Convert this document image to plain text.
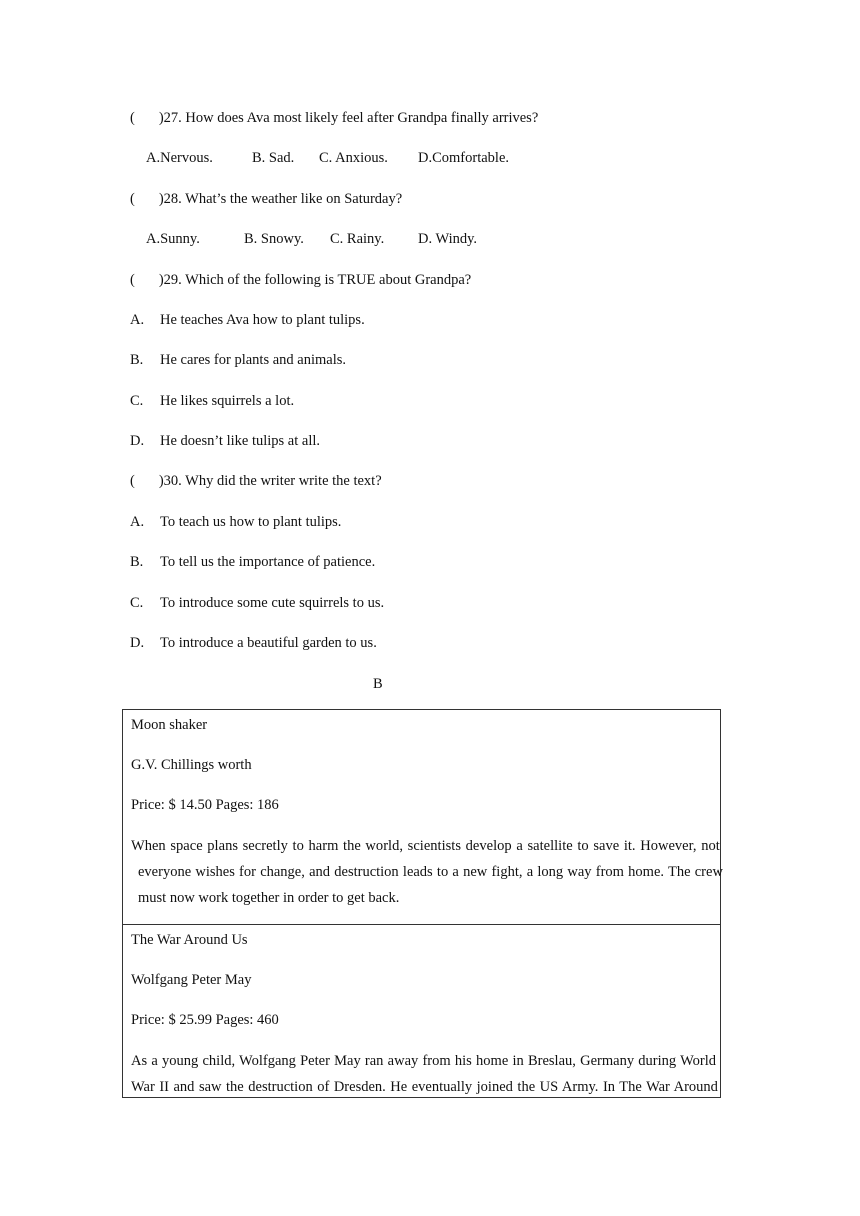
( )27. How does Ava most likely feel after Grandpa finally arrives?
A.Nervous.	B. Sad. C. Anxious. D.Comfortable.
( )28. What’s the weather like on Saturday?
A.Sunny.	B. Snowy. C. Rainy. D. Windy.
( )29. Which of the following is TRUE about Grandpa?
A. He teaches Ava how to plant tulips.
B. He cares for plants and animals.
C. He likes squirrels a lot.
D. He doesn’t like tulips at all.
( )30. Why did the writer write the text?
A. To teach us how to plant tulips.
B. To tell us the importance of patience.
C. To introduce some cute squirrels to us.
D. To introduce a beautiful garden to us.
B
Moon shaker
G.V. Chillings worth
Price: $ 14.50 Pages: 186
When space plans secretly to harm the world, scientists develop a satellite to save it. However, not
everyone wishes for change, and destruction leads to a new fight, a long way from home. The crew
must now work together in order to get back.
The War Around Us
Wolfgang Peter May
Price: $ 25.99 Pages: 460
As a young child, Wolfgang Peter May ran away from his home in Breslau, Germany during World
War II and saw the destruction of Dresden. He eventually joined the US Army. In The War Around
